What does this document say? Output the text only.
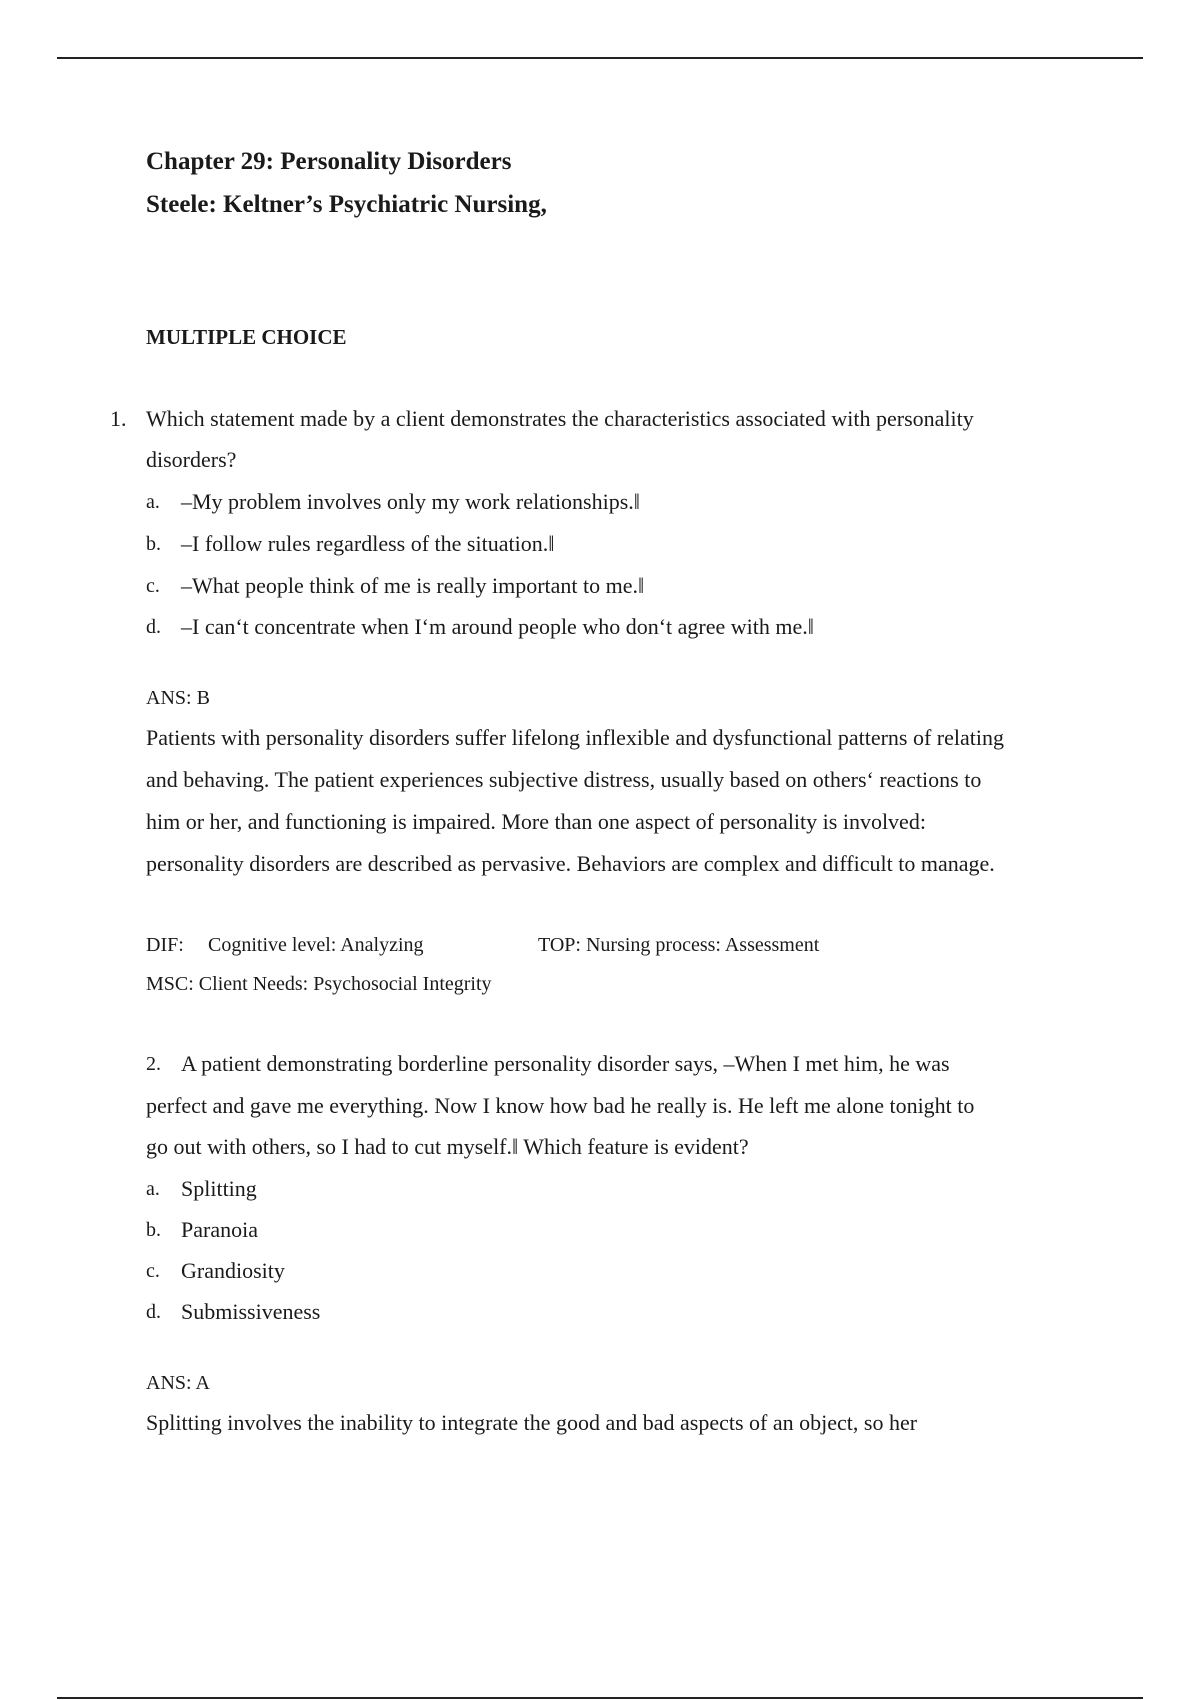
Chapter 29: Personality Disorders
Steele: Keltner’s Psychiatric Nursing,
MULTIPLE CHOICE
1. Which statement made by a client demonstrates the characteristics associated with personality
disorders?
a. –My problem involves only my work relationships.‖
b. –I follow rules regardless of the situation.‖
c. –What people think of me is really important to me.‖
d. –I can‘t concentrate when I‘m around people who don‘t agree with me.‖
ANS: B
Patients with personality disorders suffer lifelong inflexible and dysfunctional patterns of relating
and behaving. The patient experiences subjective distress, usually based on others‘ reactions to
him or her, and functioning is impaired. More than one aspect of personality is involved:
personality disorders are described as pervasive. Behaviors are complex and difficult to manage.
DIF: Cognitive level: Analyzing	TOP: Nursing process: Assessment
MSC: Client Needs: Psychosocial Integrity
2. A patient demonstrating borderline personality disorder says, –When I met him, he was
perfect and gave me everything. Now I know how bad he really is. He left me alone tonight to
go out with others, so I had to cut myself.‖ Which feature is evident?
a. Splitting
b. Paranoia
c. Grandiosity
d. Submissiveness
ANS: A
Splitting involves the inability to integrate the good and bad aspects of an object, so her
